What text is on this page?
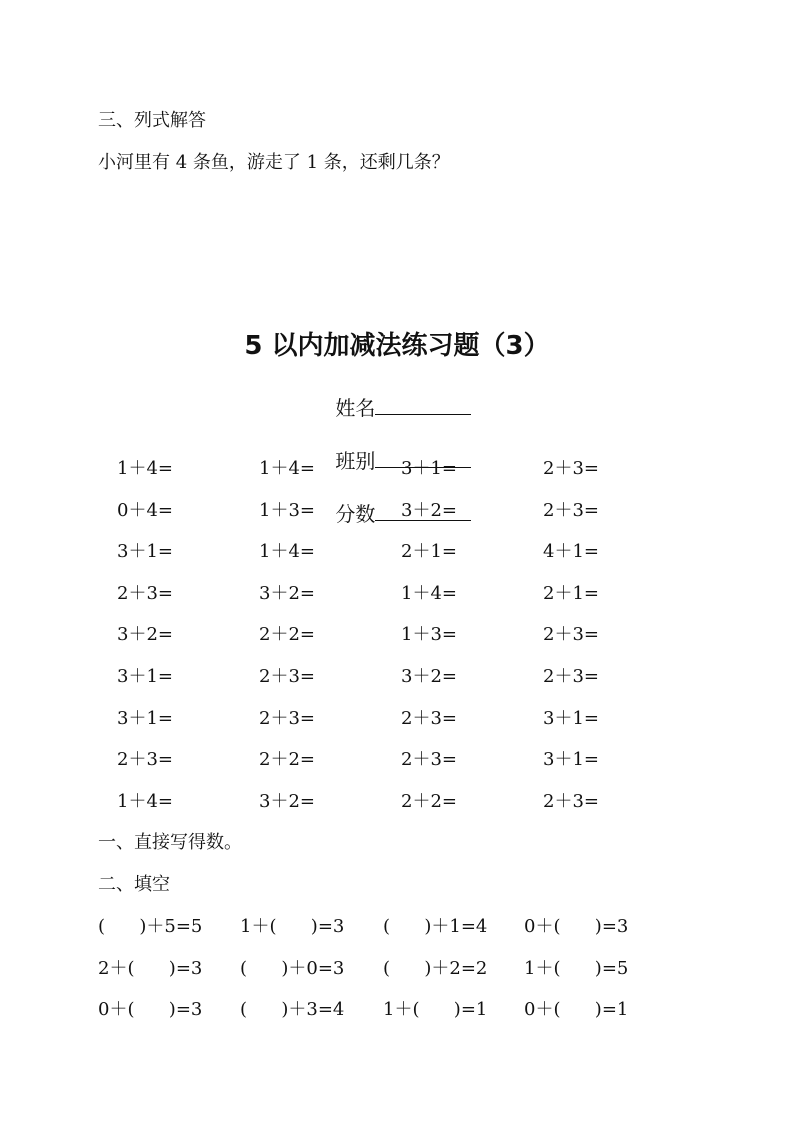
三、列式解答
小河里有 4 条鱼，游走了 1 条，还剩几条？
5 以内加减法练习题（3）

姓名

班别

分数

1＋4=	1＋4=	3＋1=	2＋3=
0＋4=	1＋3=	3＋2=	2＋3=
3＋1=	1＋4=	2＋1=	4＋1=
2＋3=	3＋2=	1＋4=	2＋1=
3＋2=	2＋2=	1＋3=	2＋3=
3＋1=	2＋3=	3＋2=	2＋3=
3＋1=	2＋3=	2＋3=	3＋1=
2＋3=	2＋2=	2＋3=	3＋1=
1＋4=	3＋2=	2＋2=	2＋3=
一、直接写得数。
二、填空
(      )＋5=5 1＋(      )=3 (      )＋1=4 0＋(      )=3
2＋(      )=3 (      )＋0=3 (      )＋2=2 1＋(      )=5
0＋(      )=3 (      )＋3=4 1＋(      )=1 0＋(      )=1
